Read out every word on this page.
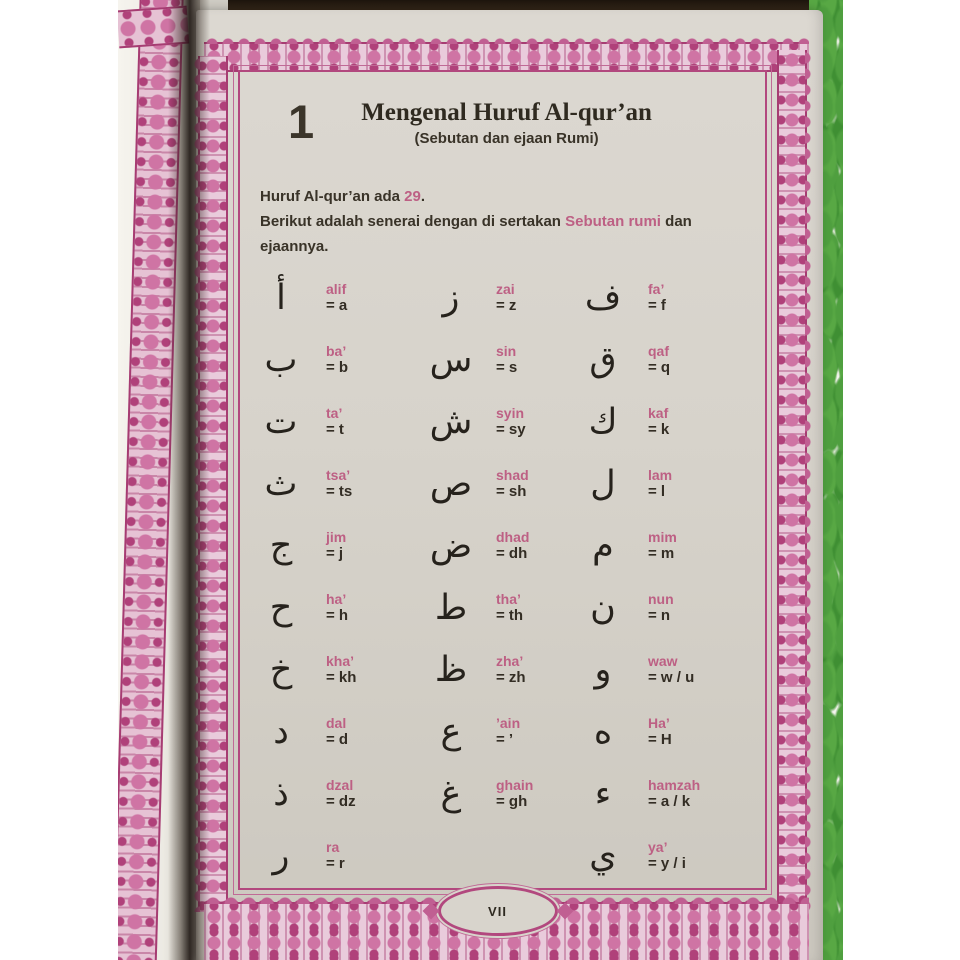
1	Mengenal Huruf Al-qur’an
(Sebutan dan ejaan Rumi)
Huruf Al-qur’an ada 29.
Berikut adalah senerai dengan di sertakan Sebutan rumi dan ejaannya.
أ	alif
= a
ب	ba’
= b
ت	ta’
= t
ث	tsa’
= ts
ج	jim
= j
ح	ha’
= h
خ	kha’
= kh
د	dal
= d
ذ	dzal
= dz
ر	ra
= r
ز	zai
= z
س	sin
= s
ش	syin
= sy
ص	shad
= sh
ض	dhad
= dh
ط	tha’
= th
ظ	zha’
= zh
ع	’ain
= ’
غ	ghain
= gh
ف	fa’
= f
ق	qaf
= q
ك	kaf
= k
ل	lam
= l
م	mim
= m
ن	nun
= n
و	waw
= w / u
ه	Ha’
= H
ء	hamzah
= a / k
ي	ya’
= y / i
VII
